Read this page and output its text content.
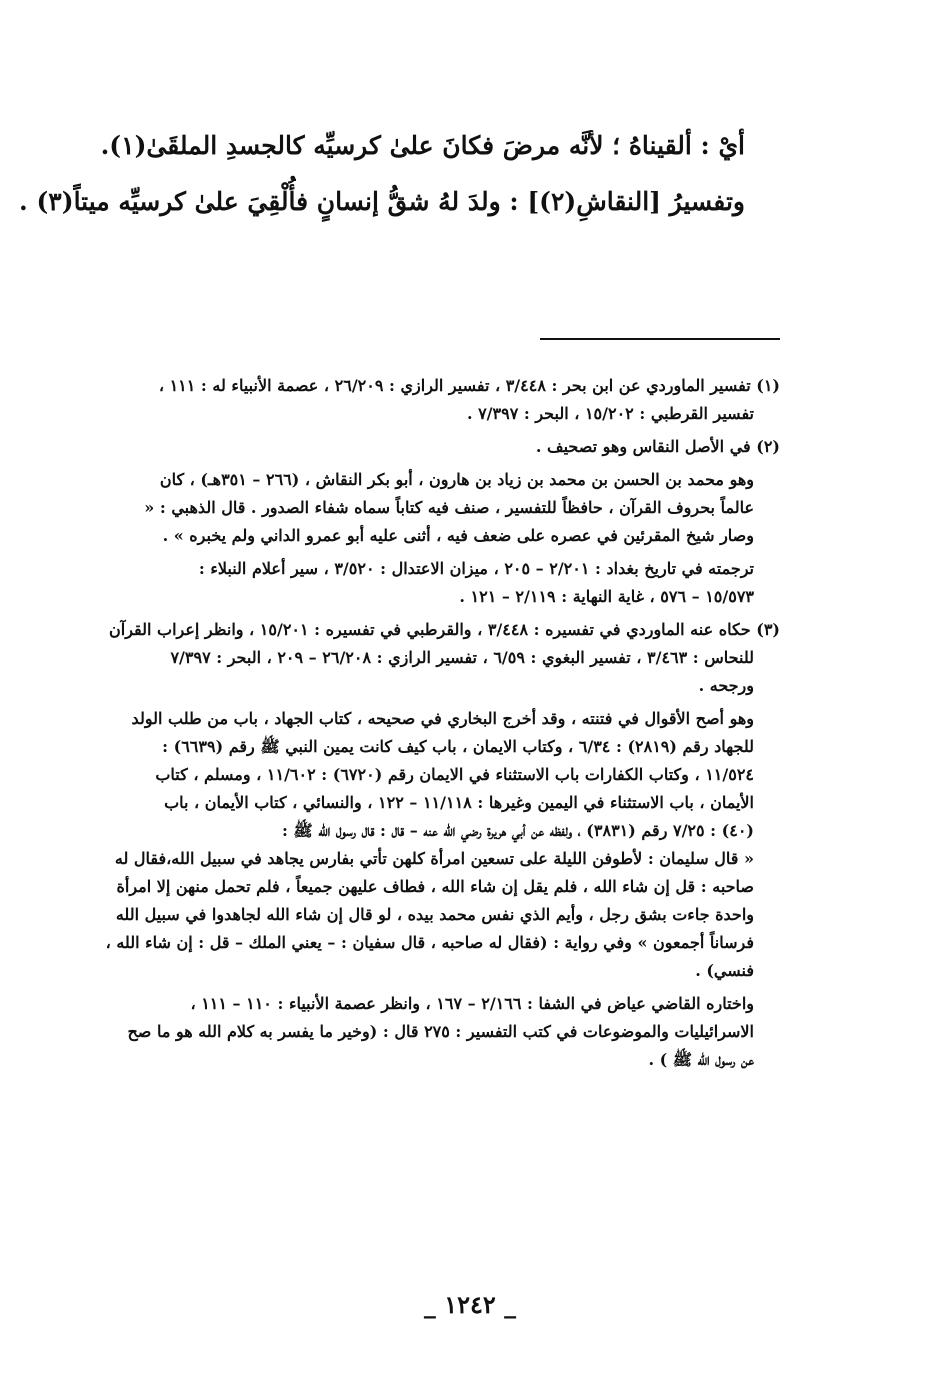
أيْ : ألقيناهُ ؛ لأنَّه مرضَ فكانَ علىٰ كرسيِّه كالجسدِ الملقَىٰ(١).
وتفسيرُ [النقاشِ(٢)] : ولدَ لهُ شقُّ إنسانٍ فأُلْقِيَ علىٰ كرسيِّه ميتاً(٣) .
(١) تفسير الماوردي عن ابن بحر : ٣/٤٤٨ ، تفسير الرازي : ٢٦/٢٠٩ ، عصمة الأنبياء له : ١١١ ،
تفسير القرطبي : ١٥/٢٠٢ ، البحر : ٧/٣٩٧ .
(٢) في الأصل النقاس وهو تصحيف .
وهو محمد بن الحسن بن محمد بن زياد بن هارون ، أبو بكر النقاش ، (٢٦٦ – ٣٥١هـ) ، كان
عالماً بحروف القرآن ، حافظاً للتفسير ، صنف فيه كتاباً سماه شفاء الصدور . قال الذهبي : «
وصار شيخ المقرئين في عصره على ضعف فيه ، أثنى عليه أبو عمرو الداني ولم يخبره » .
ترجمته في تاريخ بغداد : ٢/٢٠١ – ٢٠٥ ، ميزان الاعتدال : ٣/٥٢٠ ، سير أعلام النبلاء :
١٥/٥٧٣ – ٥٧٦ ، غاية النهاية : ٢/١١٩ – ١٢١ .
(٣) حكاه عنه الماوردي في تفسيره : ٣/٤٤٨ ، والقرطبي في تفسيره : ١٥/٢٠١ ، وانظر إعراب القرآن
للنحاس : ٣/٤٦٣ ، تفسير البغوي : ٦/٥٩ ، تفسير الرازي : ٢٦/٢٠٨ – ٢٠٩ ، البحر : ٧/٣٩٧
ورجحه .
وهو أصح الأقوال في فتنته ، وقد أخرج البخاري في صحيحه ، كتاب الجهاد ، باب من طلب الولد
للجهاد رقم (٢٨١٩) : ٦/٣٤ ، وكتاب الايمان ، باب كيف كانت يمين النبي ﷺ رقم (٦٦٣٩) :
١١/٥٢٤ ، وكتاب الكفارات باب الاستثناء في الايمان رقم (٦٧٢٠) : ١١/٦٠٢ ، ومسلم ، كتاب
الأيمان ، باب الاستثناء في اليمين وغيرها : ١١/١١٨ – ١٢٢ ، والنسائي ، كتاب الأيمان ، باب
(٤٠) : ٧/٢٥ رقم (٣٨٣١) ، ولفظه عن أبي هريرة رضي الله عنه – قال : قال رسول الله ﷺ :
« قال سليمان : لأطوفن الليلة على تسعين امرأة كلهن تأتي بفارس يجاهد في سبيل الله،فقال له
صاحبه : قل إن شاء الله ، فلم يقل إن شاء الله ، فطاف عليهن جميعاً ، فلم تحمل منهن إلا امرأة
واحدة جاءت بشق رجل ، وأيم الذي نفس محمد بيده ، لو قال إن شاء الله لجاهدوا في سبيل الله
فرساناً أجمعون » وفي رواية : (فقال له صاحبه ، قال سفيان : – يعني الملك – قل : إن شاء الله ،
فنسي) .
واختاره القاضي عياض في الشفا : ٢/١٦٦ – ١٦٧ ، وانظر عصمة الأنبياء : ١١٠ – ١١١ ،
الاسرائيليات والموضوعات في كتب التفسير : ٢٧٥ قال : (وخير ما يفسر به كلام الله هو ما صح
عن رسول الله ﷺ ) .
_ ١٢٤٢ _
